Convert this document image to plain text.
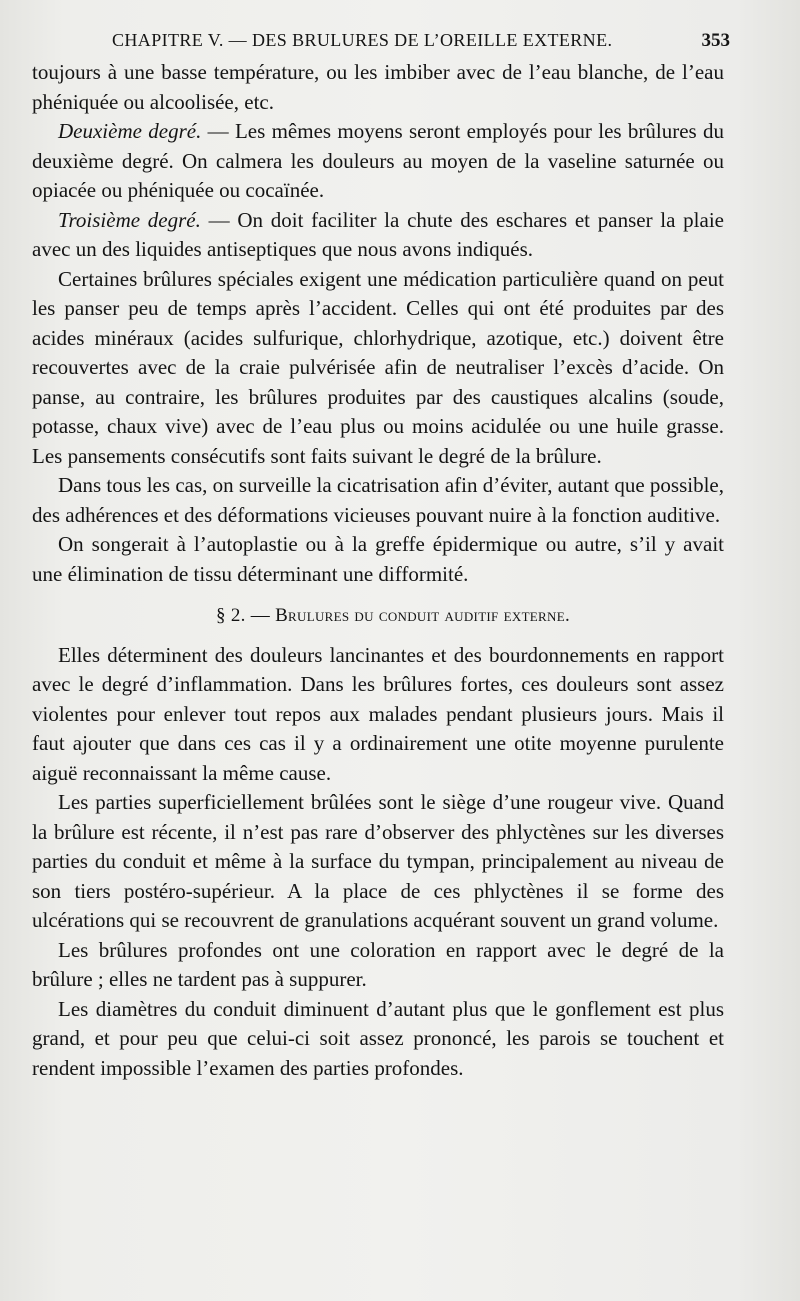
CHAPITRE V. — DES BRULURES DE L’OREILLE EXTERNE.	353

toujours à une basse température, ou les imbiber avec de l’eau blanche, de l’eau phéniquée ou alcoolisée, etc.

Deuxième degré. — Les mêmes moyens seront employés pour les brûlures du deuxième degré. On calmera les douleurs au moyen de la vaseline saturnée ou opiacée ou phéniquée ou cocaïnée.

Troisième degré. — On doit faciliter la chute des eschares et panser la plaie avec un des liquides antiseptiques que nous avons indiqués.

Certaines brûlures spéciales exigent une médication particulière quand on peut les panser peu de temps après l’accident. Celles qui ont été produites par des acides minéraux (acides sulfurique, chlorhydrique, azotique, etc.) doivent être recouvertes avec de la craie pulvérisée afin de neutraliser l’excès d’acide. On panse, au contraire, les brûlures produites par des caustiques alcalins (soude, potasse, chaux vive) avec de l’eau plus ou moins acidulée ou une huile grasse. Les pansements consécutifs sont faits suivant le degré de la brûlure.

Dans tous les cas, on surveille la cicatrisation afin d’éviter, autant que possible, des adhérences et des déformations vicieuses pouvant nuire à la fonction auditive.

On songerait à l’autoplastie ou à la greffe épidermique ou autre, s’il y avait une élimination de tissu déterminant une difformité.

§ 2. — Brulures du conduit auditif externe.

Elles déterminent des douleurs lancinantes et des bourdonnements en rapport avec le degré d’inflammation. Dans les brûlures fortes, ces douleurs sont assez violentes pour enlever tout repos aux malades pendant plusieurs jours. Mais il faut ajouter que dans ces cas il y a ordinairement une otite moyenne purulente aiguë reconnaissant la même cause.

Les parties superficiellement brûlées sont le siège d’une rougeur vive. Quand la brûlure est récente, il n’est pas rare d’observer des phlyctènes sur les diverses parties du conduit et même à la surface du tympan, principalement au niveau de son tiers postéro-supérieur. A la place de ces phlyctènes il se forme des ulcérations qui se recouvrent de granulations acquérant souvent un grand volume.

Les brûlures profondes ont une coloration en rapport avec le degré de la brûlure ; elles ne tardent pas à suppurer.

Les diamètres du conduit diminuent d’autant plus que le gonflement est plus grand, et pour peu que celui-ci soit assez prononcé, les parois se touchent et rendent impossible l’examen des parties profondes.
